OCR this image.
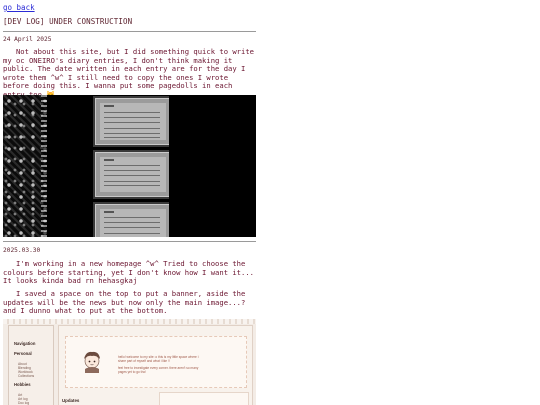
go back
[DEV LOG] UNDER CONSTRUCTION
24 April 2025
Not about this site, but I did something quick to write my oc ONEIRO's diary entries, I don't think making it public. The date written in each entry are for the day I wrote them ^w^ I still need to copy the ones I wrote before doing this. I wanna put some pagedolls in each
2025.03.30
I'm working in a new homepage ^w^ Tried to choose the colours before starting, yet I don't know how I want it... It looks kinda bad rn hehasgkaj
I saved a space on the top to put a banner, aside the updates will be the news but now only the main image...? and I dunno what to put at the bottom.
Navigation
Personal
About
Blending
Workbook
Collections
Hobbies
Art
Art log
Doc log
hello! welcome to my site :o this is my little space where i
share part of myself and what i like !!
feel free to investigate every corner. there aren't so many
pages yet to go tho!
Updates
